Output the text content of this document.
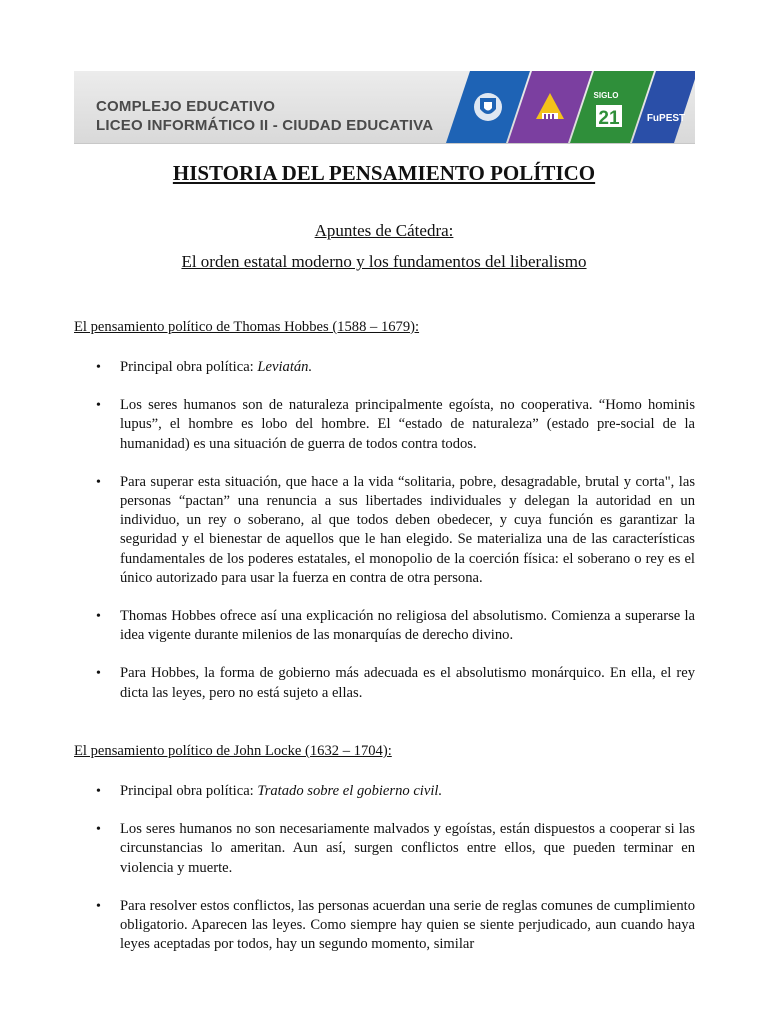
COMPLEJO EDUCATIVO
LICEO INFORMÁTICO II - CIUDAD EDUCATIVA	21
SIGLO
FuPEST
HISTORIA DEL PENSAMIENTO POLÍTICO
Apuntes de Cátedra:
El orden estatal moderno y los fundamentos del liberalismo
El pensamiento político de Thomas Hobbes (1588 – 1679):
• Principal obra política: Leviatán.
• Los seres humanos son de naturaleza principalmente egoísta, no cooperativa. “Homo hominis lupus”, el hombre es lobo del hombre. El “estado de naturaleza” (estado pre-social de la humanidad) es una situación de guerra de todos contra todos.
• Para superar esta situación, que hace a la vida “solitaria, pobre, desagradable, brutal y corta", las personas “pactan” una renuncia a sus libertades individuales y delegan la autoridad en un individuo, un rey o soberano, al que todos deben obedecer, y cuya función es garantizar la seguridad y el bienestar de aquellos que le han elegido. Se materializa una de las características fundamentales de los poderes estatales, el monopolio de la coerción física: el soberano o rey es el único autorizado para usar la fuerza en contra de otra persona.
• Thomas Hobbes ofrece así una explicación no religiosa del absolutismo. Comienza a superarse la idea vigente durante milenios de las monarquías de derecho divino.
• Para Hobbes, la forma de gobierno más adecuada es el absolutismo monárquico. En ella, el rey dicta las leyes, pero no está sujeto a ellas.
El pensamiento político de John Locke (1632 – 1704):
• Principal obra política: Tratado sobre el gobierno civil.
• Los seres humanos no son necesariamente malvados y egoístas, están dispuestos a cooperar si las circunstancias lo ameritan. Aun así, surgen conflictos entre ellos, que pueden terminar en violencia y muerte.
• Para resolver estos conflictos, las personas acuerdan una serie de reglas comunes de cumplimiento obligatorio. Aparecen las leyes. Como siempre hay quien se siente perjudicado, aun cuando haya leyes aceptadas por todos, hay un segundo momento, similar
